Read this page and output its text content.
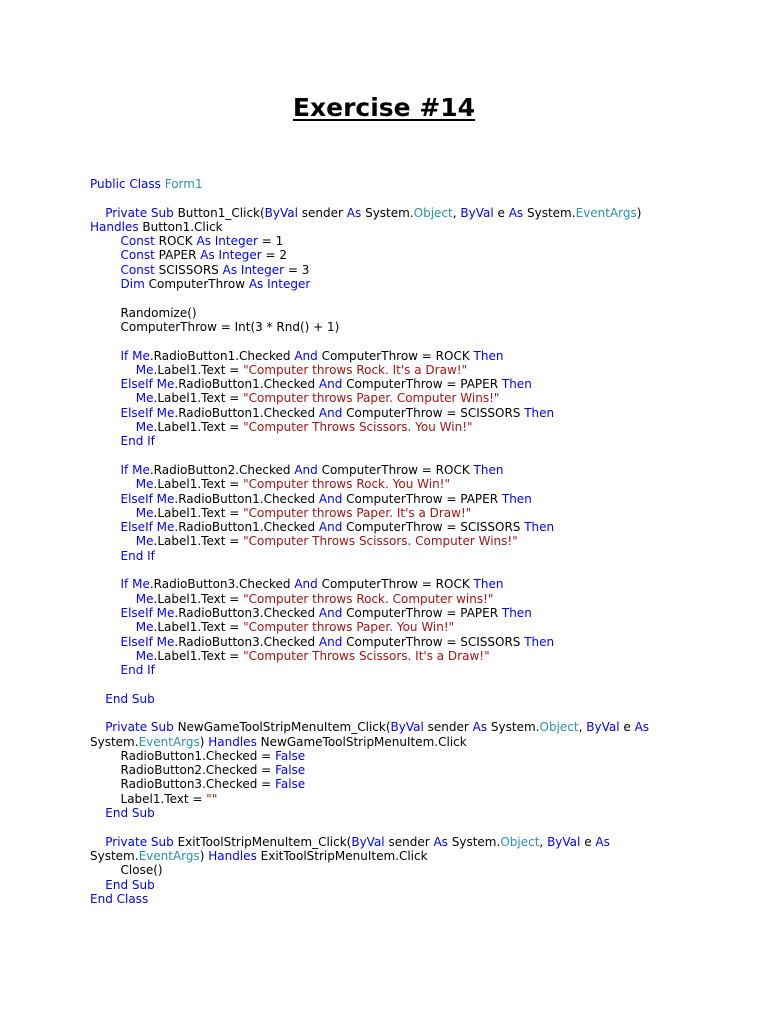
Exercise #14
Public Class Form1
Private Sub Button1_Click(ByVal sender As System.Object, ByVal e As System.EventArgs)
Handles Button1.Click
Const ROCK As Integer = 1
Const PAPER As Integer = 2
Const SCISSORS As Integer = 3
Dim ComputerThrow As Integer
Randomize()
ComputerThrow = Int(3 * Rnd() + 1)
If Me.RadioButton1.Checked And ComputerThrow = ROCK Then
Me.Label1.Text = "Computer throws Rock. It's a Draw!"
ElseIf Me.RadioButton1.Checked And ComputerThrow = PAPER Then
Me.Label1.Text = "Computer throws Paper. Computer Wins!"
ElseIf Me.RadioButton1.Checked And ComputerThrow = SCISSORS Then
Me.Label1.Text = "Computer Throws Scissors. You Win!"
End If
If Me.RadioButton2.Checked And ComputerThrow = ROCK Then
Me.Label1.Text = "Computer throws Rock. You Win!"
ElseIf Me.RadioButton1.Checked And ComputerThrow = PAPER Then
Me.Label1.Text = "Computer throws Paper. It's a Draw!"
ElseIf Me.RadioButton1.Checked And ComputerThrow = SCISSORS Then
Me.Label1.Text = "Computer Throws Scissors. Computer Wins!"
End If
If Me.RadioButton3.Checked And ComputerThrow = ROCK Then
Me.Label1.Text = "Computer throws Rock. Computer wins!"
ElseIf Me.RadioButton3.Checked And ComputerThrow = PAPER Then
Me.Label1.Text = "Computer throws Paper. You Win!"
ElseIf Me.RadioButton3.Checked And ComputerThrow = SCISSORS Then
Me.Label1.Text = "Computer Throws Scissors. It's a Draw!"
End If
End Sub
Private Sub NewGameToolStripMenuItem_Click(ByVal sender As System.Object, ByVal e As
System.EventArgs) Handles NewGameToolStripMenuItem.Click
RadioButton1.Checked = False
RadioButton2.Checked = False
RadioButton3.Checked = False
Label1.Text = ""
End Sub
Private Sub ExitToolStripMenuItem_Click(ByVal sender As System.Object, ByVal e As
System.EventArgs) Handles ExitToolStripMenuItem.Click
Close()
End Sub
End Class
